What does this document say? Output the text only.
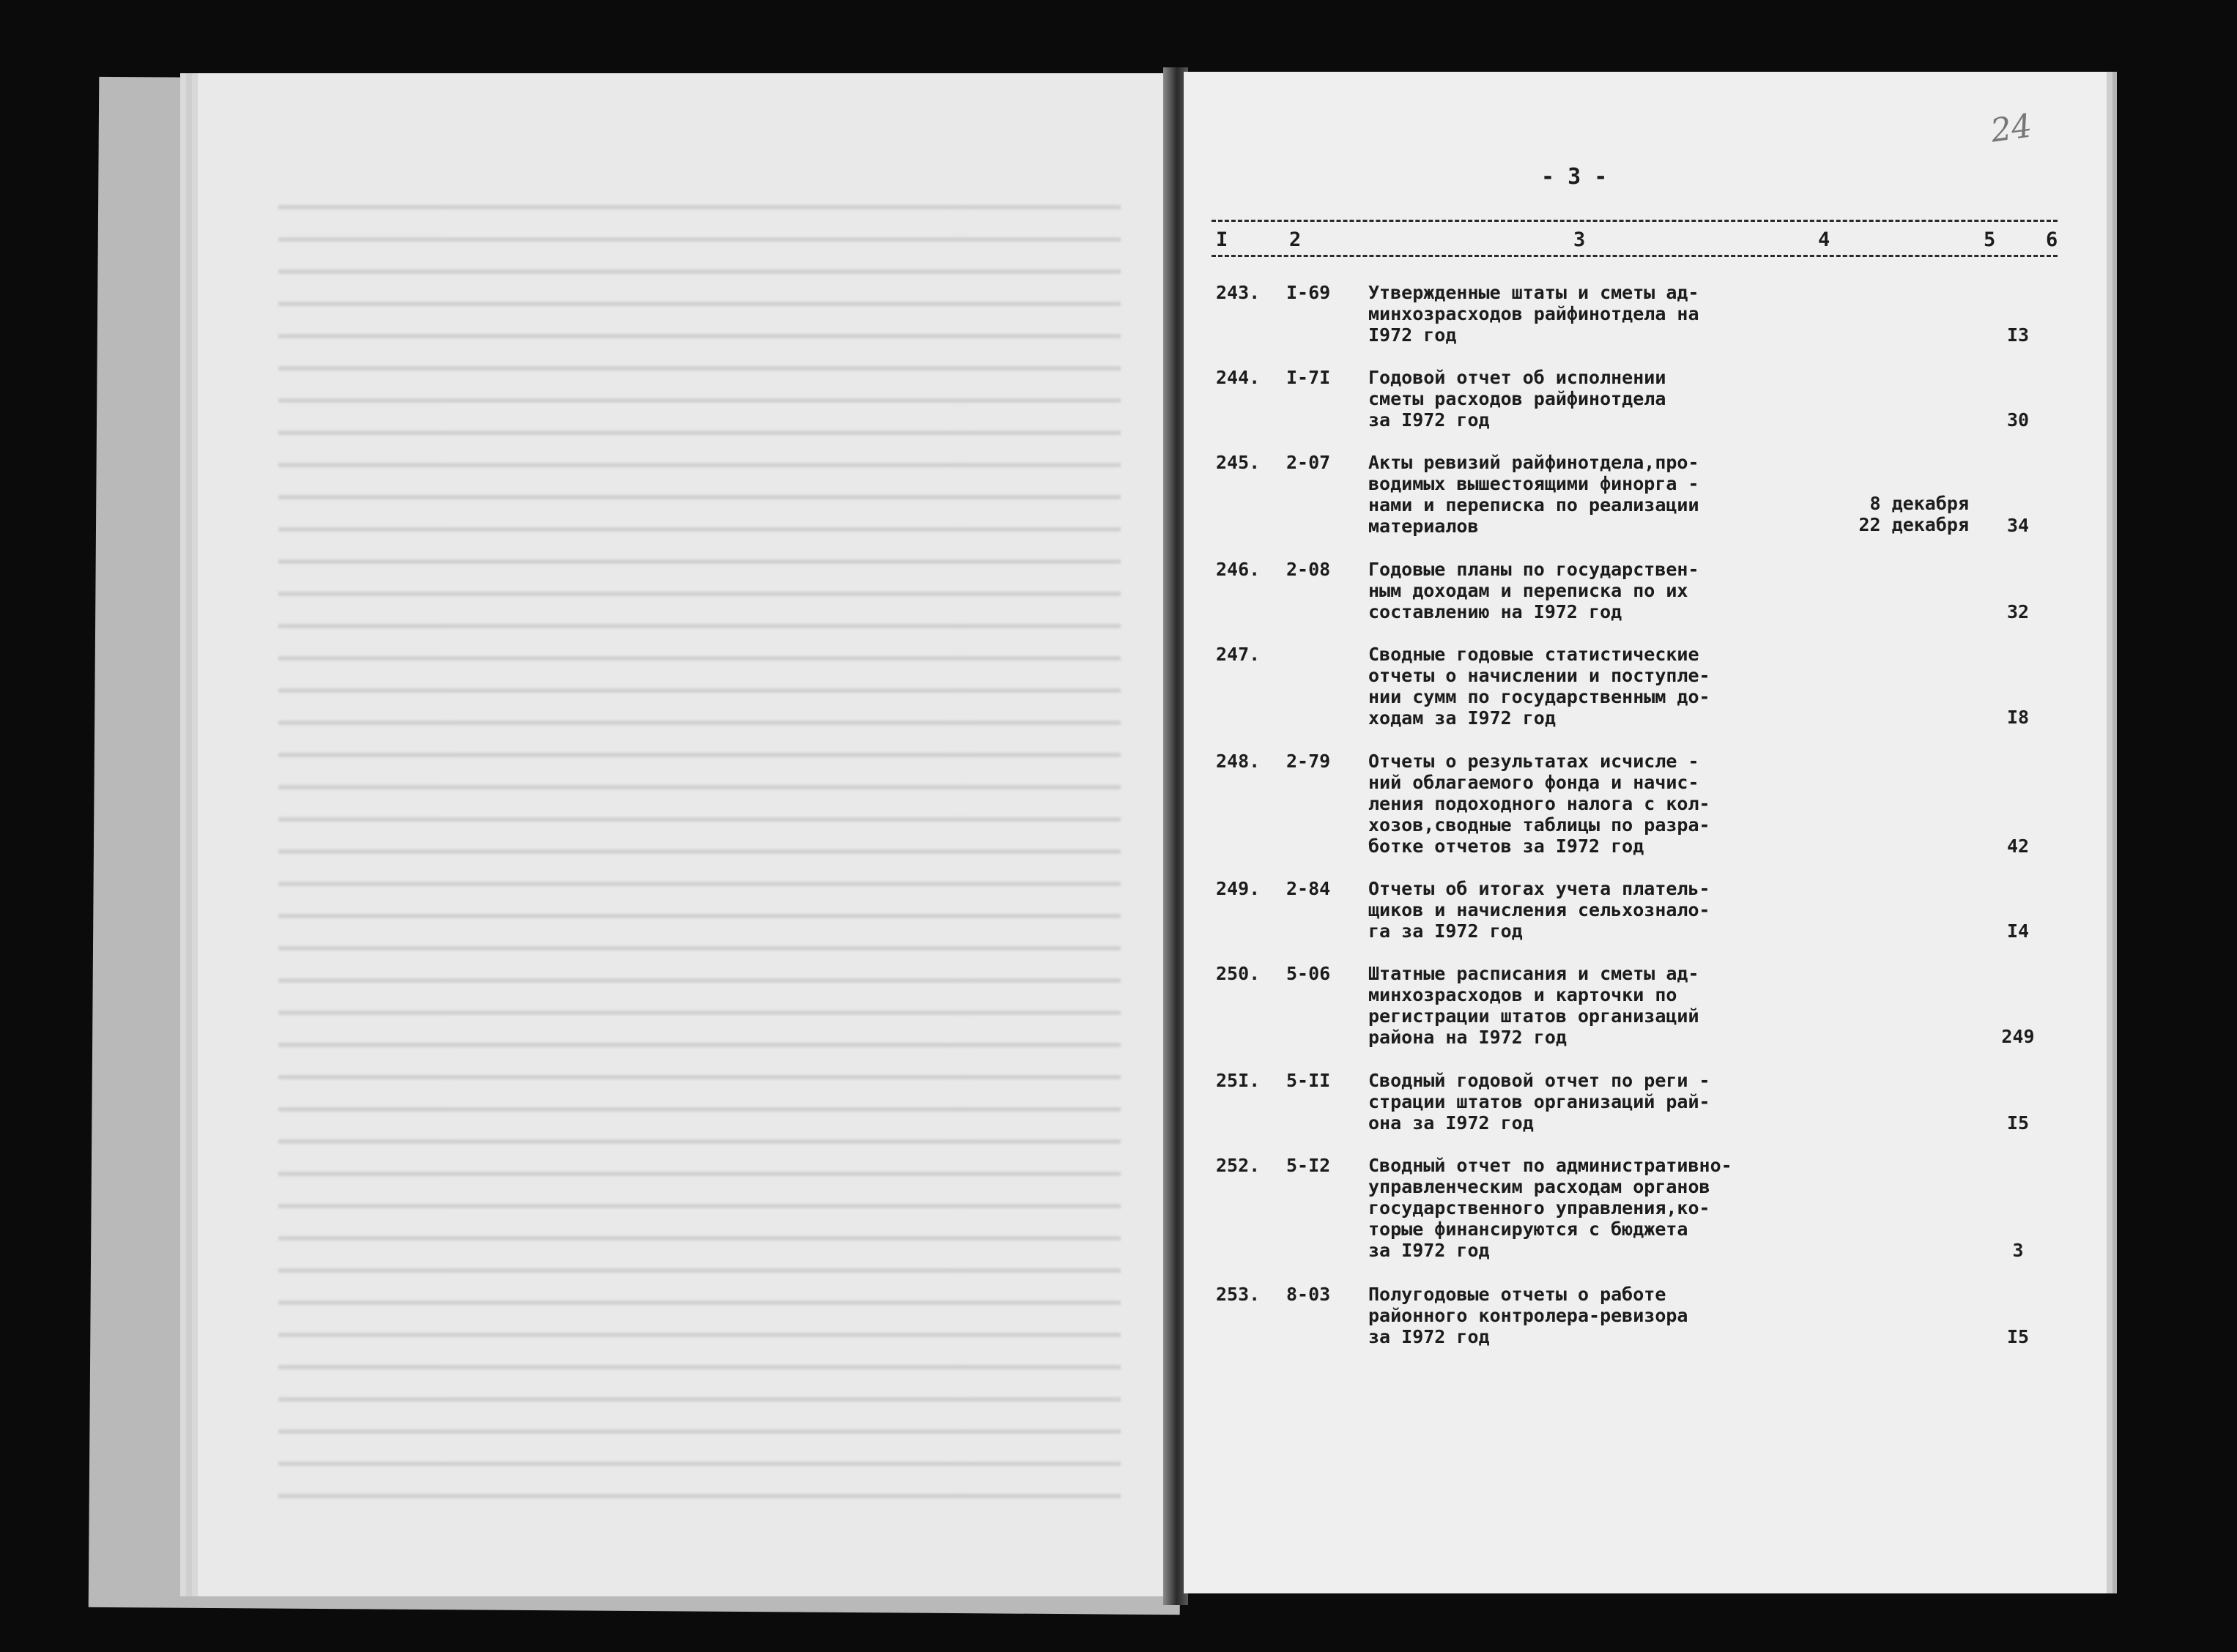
24
- 3 -
I	2	3	4	5	6
243. I-69 Утвержденные штаты и сметы ад-
минхозрасходов райфинотдела на
I972 год	I3
244. I-7I Годовой отчет об исполнении
сметы расходов райфинотдела
за I972 год	30
245. 2-07 Акты ревизий райфинотдела,про-
водимых вышестоящими финорга -
нами и переписка по реализации
материалов
8 декабря
22 декабря	34
246. 2-08 Годовые планы по государствен-
ным доходам и переписка по их
составлению на I972 год	32
247.	Сводные годовые статистические
отчеты о начислении и поступле-
нии сумм по государственным до-
ходам за I972 год	I8
248. 2-79 Отчеты о результатах исчисле -
ний облагаемого фонда и начис-
ления подоходного налога с кол-
хозов,сводные таблицы по разра-
ботке отчетов за I972 год	42
249. 2-84 Отчеты об итогах учета платель-
щиков и начисления сельхознало-
га за I972 год	I4
250. 5-06 Штатные расписания и сметы ад-
минхозрасходов и карточки по
регистрации штатов организаций
района на I972 год	249
25I. 5-II Сводный годовой отчет по реги -
страции штатов организаций рай-
она за I972 год	I5
252. 5-I2 Сводный отчет по административно-
управленческим расходам органов
государственного управления,ко-
торые финансируются с бюджета
за I972 год	3
253. 8-03 Полугодовые отчеты о работе
районного контролера-ревизора
за I972 год	I5
